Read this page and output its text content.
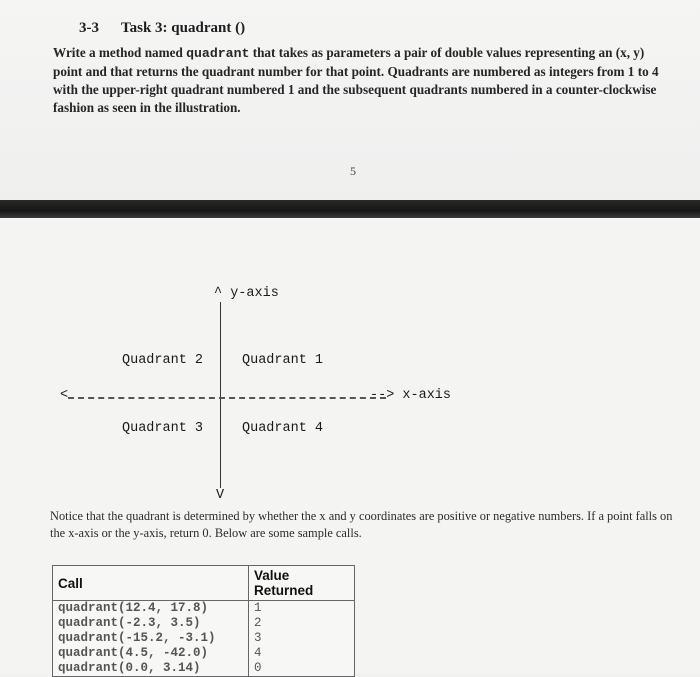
3-3 Task 3: quadrant ()
Write a method named quadrant that takes as parameters a pair of double values representing an (x, y) point and that returns the quadrant number for that point. Quadrants are numbered as integers from 1 to 4 with the upper-right quadrant numbered 1 and the subsequent quadrants numbered in a counter-clockwise fashion as seen in the illustration.
5

^ y-axis

<

	--> x-axis

V

Quadrant 2

	Quadrant 1

Quadrant 3

	Quadrant 4

Notice that the quadrant is determined by whether the x and y coordinates are positive or negative numbers. If a point falls on the x-axis or the y-axis, return 0. Below are some sample calls.
Call	Value Returned
quadrant(12.4, 17.8)	1
quadrant(-2.3, 3.5)	2
quadrant(-15.2, -3.1)	3
quadrant(4.5, -42.0)	4
quadrant(0.0, 3.14)	0
